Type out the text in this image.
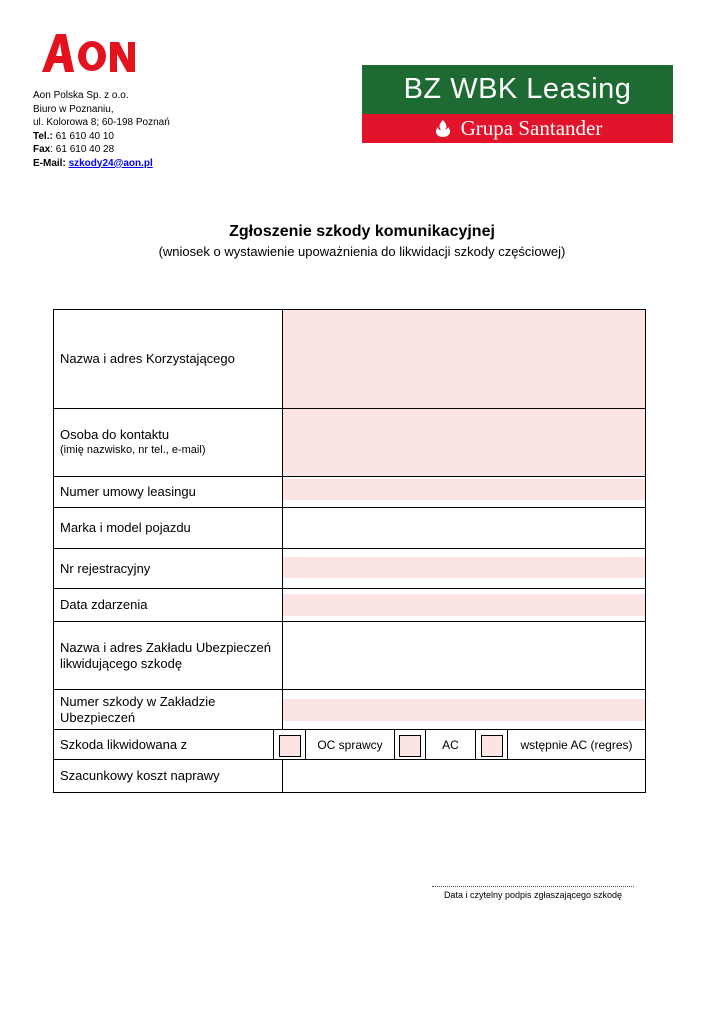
Aon Polska Sp. z o.o.
Biuro w Poznaniu,
ul. Kolorowa 8; 60-198 Poznań
Tel.: 61 610 40 10
Fax: 61 610 40 28
E-Mail: szkody24@aon.pl
BZ WBK Leasing
Grupa Santander
Zgłoszenie szkody komunikacyjnej
(wniosek o wystawienie upoważnienia do likwidacji szkody częściowej)
Nazwa i adres Korzystającego
Osoba do kontaktu
(imię nazwisko, nr tel., e-mail)
Numer umowy leasingu
Marka i model pojazdu
Nr rejestracyjny
Data zdarzenia
Nazwa i adres Zakładu Ubezpieczeń likwidującego szkodę
Numer szkody w Zakładzie Ubezpieczeń
Szkoda likwidowana z	OC sprawcy	AC	wstępnie AC (regres)
Szacunkowy koszt naprawy
Data i czytelny podpis zgłaszającego szkodę
